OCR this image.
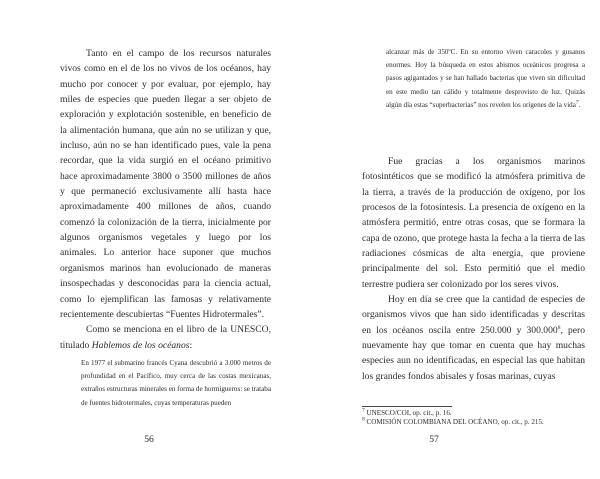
Tanto en el campo de los recursos naturales vivos como en el de los no vivos de los océanos, hay mucho por conocer y por evaluar, por ejemplo, hay miles de especies que pueden llegar a ser objeto de exploración y explotación sostenible, en beneficio de la alimentación humana, que aún no se utilizan y que, incluso, aún no se han identificado pues, vale la pena recordar, que la vida surgió en el océano primitivo hace aproximadamente 3800 o 3500 millones de años y que permaneció exclusivamente allí hasta hace aproximadamente 400 millones de años, cuando comenzó la colonización de la tierra, inicialmente por algunos organismos vegetales y luego por los animales. Lo anterior hace suponer que muchos organismos marinos han evolucionado de maneras insospechadas y desconocidas para la ciencia actual, como lo ejemplifican las famosas y relativamente recientemente descubiertas “Fuentes Hidrotermales”.

Como se menciona en el libro de la UNESCO, titulado Hablemos de los océanos:

En 1977 el submarino francés Cyana descubrió a 3.000 metros de profundidad en el Pacífico, muy cerca de las costas mexicanas, extraños estructuras minerales en forma de hormigueros: se trataba de fuentes hidrotermales, cuyas temperaturas pueden

56

alcanzar más de 350ºC. En su entorno viven caracoles y gusanos enormes. Hoy la búsqueda en estos abismos oceánicos progresa a pasos agigantados y se han hallado bacterias que viven sin dificultad en este medio tan cálido y totalmente desprovisto de luz. Quizás algún día estas “superbacterias” nos revelen los orígenes de la vida$^7$.

Fue gracias a los organismos marinos fotosintéticos que se modificó la atmósfera primitiva de la tierra, a través de la producción de oxígeno, por los procesos de la fotosíntesis. La presencia de oxígeno en la atmósfera permitió, entre otras cosas, que se formara la capa de ozono, que protege hasta la fecha a la tierra de las radiaciones cósmicas de alta energía, que proviene principalmente del sol. Esto permitió que el medio terrestre pudiera ser colonizado por los seres vivos.

Hoy en día se cree que la cantidad de especies de organismos vivos que han sido identificadas y descritas en los océanos oscila entre 250.000 y 300.000$^8$, pero nuevamente hay que tomar en cuenta que hay muchas especies aun no identificadas, en especial las que habitan los grandes fondos abisales y fosas marinas, cuyas

$^7$ UNESCO/COI, op. cit., p. 16.

$^8$ COMISIÓN COLOMBIANA DEL OCÉANO, op. cit., p. 215.

57
